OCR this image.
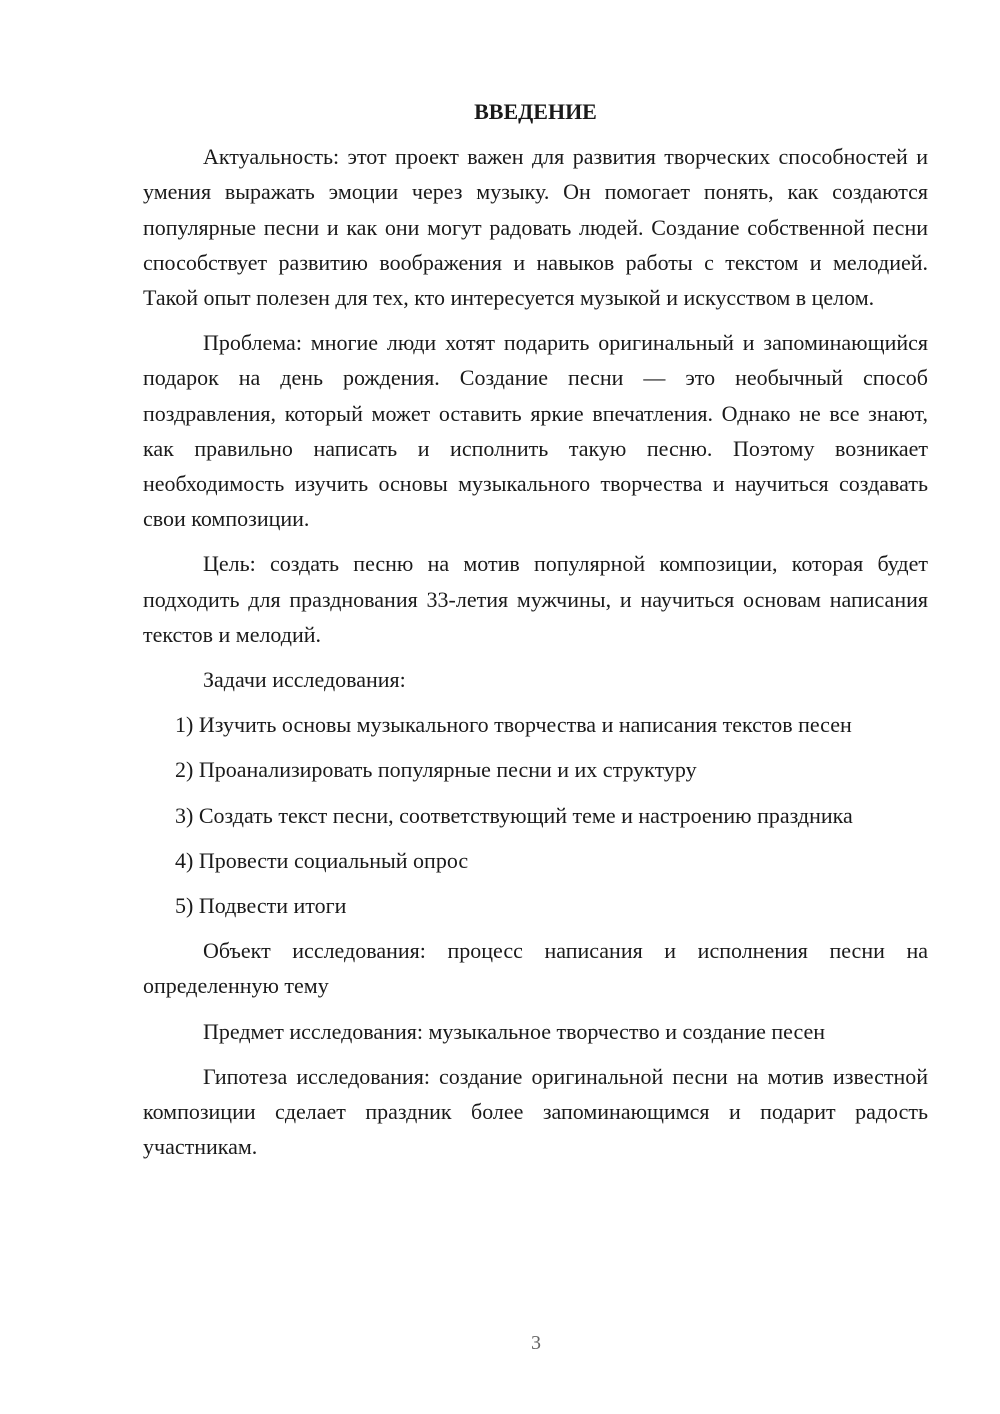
ВВЕДЕНИЕ

Актуальность: этот проект важен для развития творческих способностей и умения выражать эмоции через музыку. Он помогает понять, как создаются популярные песни и как они могут радовать людей. Создание собственной песни способствует развитию воображения и навыков работы с текстом и мелодией. Такой опыт полезен для тех, кто интересуется музыкой и искусством в целом.

Проблема: многие люди хотят подарить оригинальный и запоминающийся подарок на день рождения. Создание песни — это необычный способ поздравления, который может оставить яркие впечатления. Однако не все знают, как правильно написать и исполнить такую песню. Поэтому возникает необходимость изучить основы музыкального творчества и научиться создавать свои композиции.

Цель: создать песню на мотив популярной композиции, которая будет подходить для празднования 33-летия мужчины, и научиться основам написания текстов и мелодий.

Задачи исследования:

1) Изучить основы музыкального творчества и написания текстов песен

2) Проанализировать популярные песни и их структуру

3) Создать текст песни, соответствующий теме и настроению праздника

4) Провести социальный опрос

5) Подвести итоги

Объект исследования: процесс написания и исполнения песни на определенную тему

Предмет исследования: музыкальное творчество и создание песен

Гипотеза исследования: создание оригинальной песни на мотив известной композиции сделает праздник более запоминающимся и подарит радость участникам.

3
